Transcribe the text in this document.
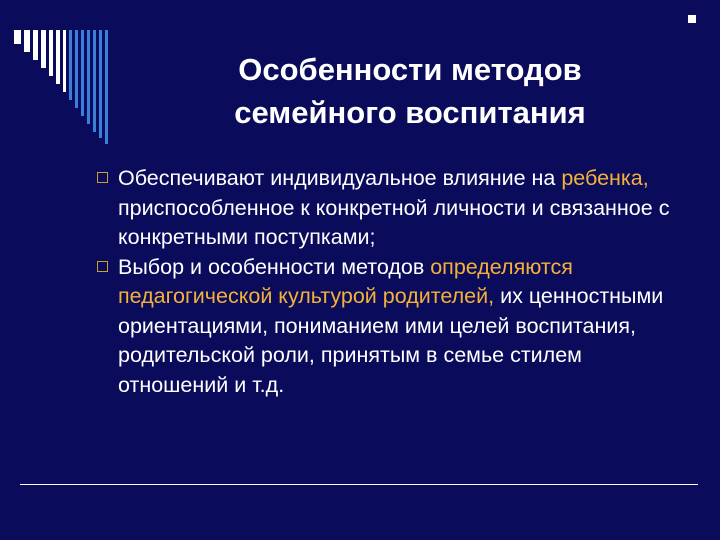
Особенности методов
семейного воспитания
Обеспечивают индивидуальное влияние на ребенка, приспособленное к конкретной личности и связанное с конкретными поступками;
Выбор и особенности методов определяются педагогической культурой родителей, их ценностными ориентациями, пониманием ими целей воспитания, родительской роли, принятым в семье стилем отношений и т.д.
